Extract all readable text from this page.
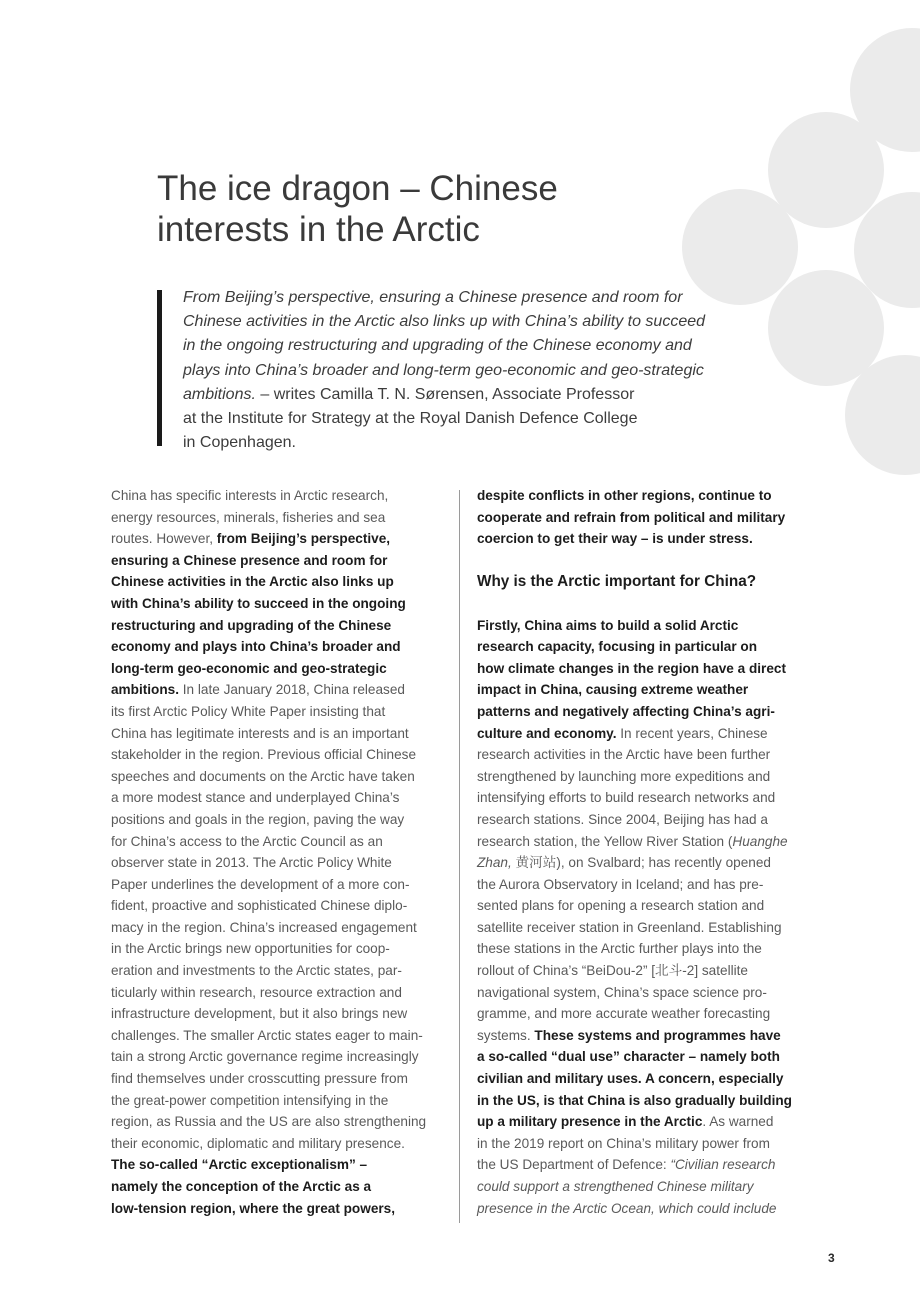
The ice dragon – Chinese
interests in the Arctic
From Beijing’s perspective, ensuring a Chinese presence and room for
Chinese activities in the Arctic also links up with China’s ability to succeed
in the ongoing restructuring and upgrading of the Chinese economy and
plays into China’s broader and long-term geo-economic and geo-strategic
ambitions. – writes Camilla T. N. Sørensen, Associate Professor
at the Institute for Strategy at the Royal Danish Defence College
in Copenhagen.
China has specific interests in Arctic research,
energy resources, minerals, fisheries and sea
routes. However, from Beijing’s perspective,
ensuring a Chinese presence and room for
Chinese activities in the Arctic also links up
with China’s ability to succeed in the ongoing
restructuring and upgrading of the Chinese
economy and plays into China’s broader and
long-term geo-economic and geo-strategic
ambitions. In late January 2018, China released
its first Arctic Policy White Paper insisting that
China has legitimate interests and is an important
stakeholder in the region. Previous official Chinese
speeches and documents on the Arctic have taken
a more modest stance and underplayed China’s
positions and goals in the region, paving the way
for China’s access to the Arctic Council as an
observer state in 2013. The Arctic Policy White
Paper underlines the development of a more con-
fident, proactive and sophisticated Chinese diplo-
macy in the region. China’s increased engagement
in the Arctic brings new opportunities for coop-
eration and investments to the Arctic states, par-
ticularly within research, resource extraction and
infrastructure development, but it also brings new
challenges. The smaller Arctic states eager to main-
tain a strong Arctic governance regime increasingly
find themselves under crosscutting pressure from
the great-power competition intensifying in the
region, as Russia and the US are also strengthening
their economic, diplomatic and military presence.
The so-called “Arctic exceptionalism” –
namely the conception of the Arctic as a
low-tension region, where the great powers,
despite conflicts in other regions, continue to
cooperate and refrain from political and military
coercion to get their way – is under stress.
Why is the Arctic important for China?
Firstly, China aims to build a solid Arctic
research capacity, focusing in particular on
how climate changes in the region have a direct
impact in China, causing extreme weather
patterns and negatively affecting China’s agri-
culture and economy. In recent years, Chinese
research activities in the Arctic have been further
strengthened by launching more expeditions and
intensifying efforts to build research networks and
research stations. Since 2004, Beijing has had a
research station, the Yellow River Station (Huanghe
Zhan, 黄河站), on Svalbard; has recently opened
the Aurora Observatory in Iceland; and has pre-
sented plans for opening a research station and
satellite receiver station in Greenland. Establishing
these stations in the Arctic further plays into the
rollout of China’s “BeiDou-2” [北斗-2] satellite
navigational system, China’s space science pro-
gramme, and more accurate weather forecasting
systems. These systems and programmes have
a so-called “dual use” character – namely both
civilian and military uses. A concern, especially
in the US, is that China is also gradually building
up a military presence in the Arctic. As warned
in the 2019 report on China’s military power from
the US Department of Defence: “Civilian research
could support a strengthened Chinese military
presence in the Arctic Ocean, which could include
3
